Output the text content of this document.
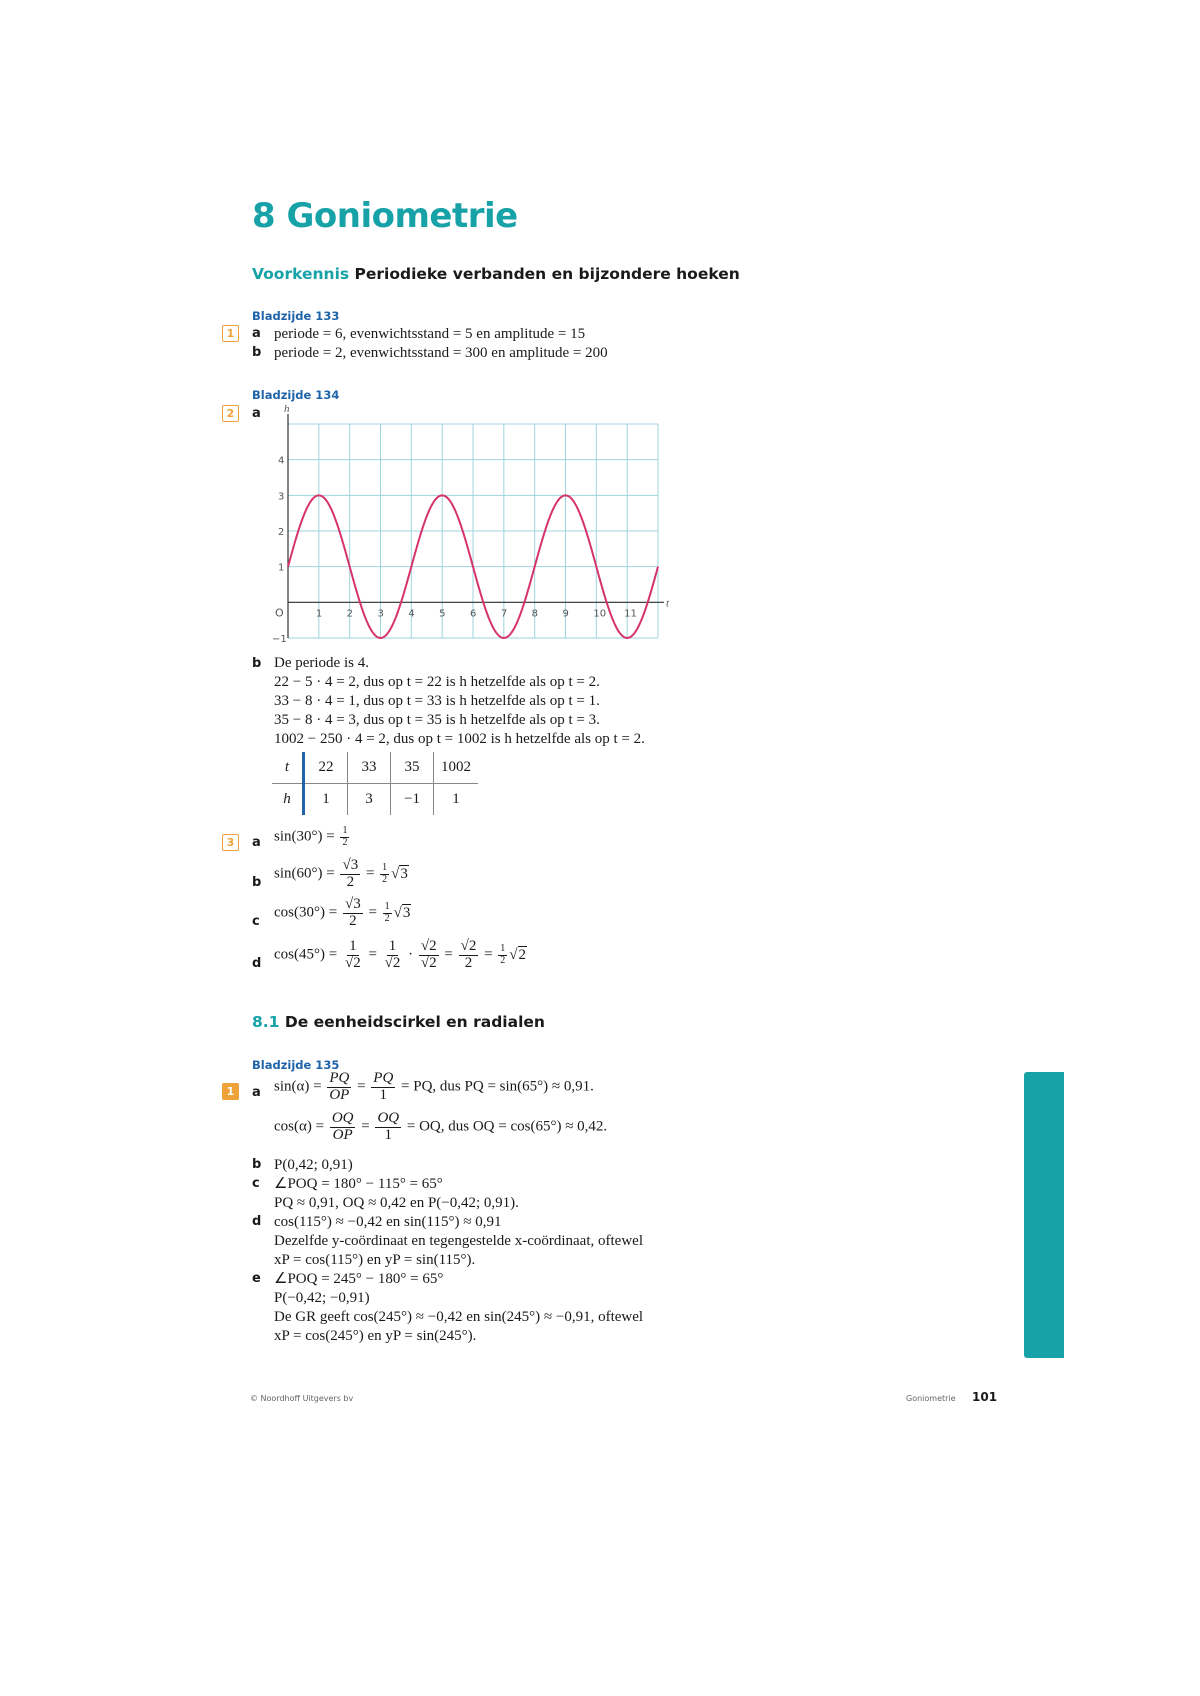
8 Goniometrie
Voorkennis Periodieke verbanden en bijzondere hoeken
Bladzijde 133
1	a periode = 6, evenwichtsstand = 5 en amplitude = 15
b periode = 2, evenwichtsstand = 300 en amplitude = 200
Bladzijde 134
2	a
t
h
O	1 2 3 4 5 6 7 8 9 10 11
−1
1
2
3
4
b De periode is 4.
22 − 5 · 4 = 2, dus op t = 22 is h hetzelfde als op t = 2.
33 − 8 · 4 = 1, dus op t = 33 is h hetzelfde als op t = 1.
35 − 8 · 4 = 3, dus op t = 35 is h hetzelfde als op t = 3.
1002 − 250 · 4 = 2, dus op t = 1002 is h hetzelfde als op t = 2.
t	22	33	35	1002
h	1	3	−1	1
3	a $\sin(30^\circ) = \frac{1}{2}$
b
$\sin(60^\circ) = \frac{√3}{2} = \frac{1}{2} √3$
c
$\cos(30^\circ) = \frac{√3}{2} = \frac{1}{2} √3$
d
$\cos(45^\circ) = \frac{1}{√2} = \frac{1}{√2} \cdot \frac{√2}{√2} = \frac{√2}{2} = \frac{1}{2} √2$
8.1 De eenheidscirkel en radialen
Bladzijde 135
1	a $\sin(\alpha) = \frac{PQ}{OP} = \frac{PQ}{1}$ = PQ, dus PQ = sin(65°) ≈ 0,91.
$\cos(\alpha) = \frac{OQ}{OP} = \frac{OQ}{1}$ = OQ, dus OQ = cos(65°) ≈ 0,42.
b P(0,42; 0,91)
c ∠POQ = 180° − 115° = 65°
PQ ≈ 0,91, OQ ≈ 0,42 en P(−0,42; 0,91).
d cos(115°) ≈ −0,42 en sin(115°) ≈ 0,91
Dezelfde y-coördinaat en tegengestelde x-coördinaat, oftewel
xP = cos(115°) en yP = sin(115°).
e ∠POQ = 245° − 180° = 65°
P(−0,42; −0,91)
De GR geeft cos(245°) ≈ −0,42 en sin(245°) ≈ −0,91, oftewel
xP = cos(245°) en yP = sin(245°).
© Noordhoff Uitgevers bv	Goniometrie 101
